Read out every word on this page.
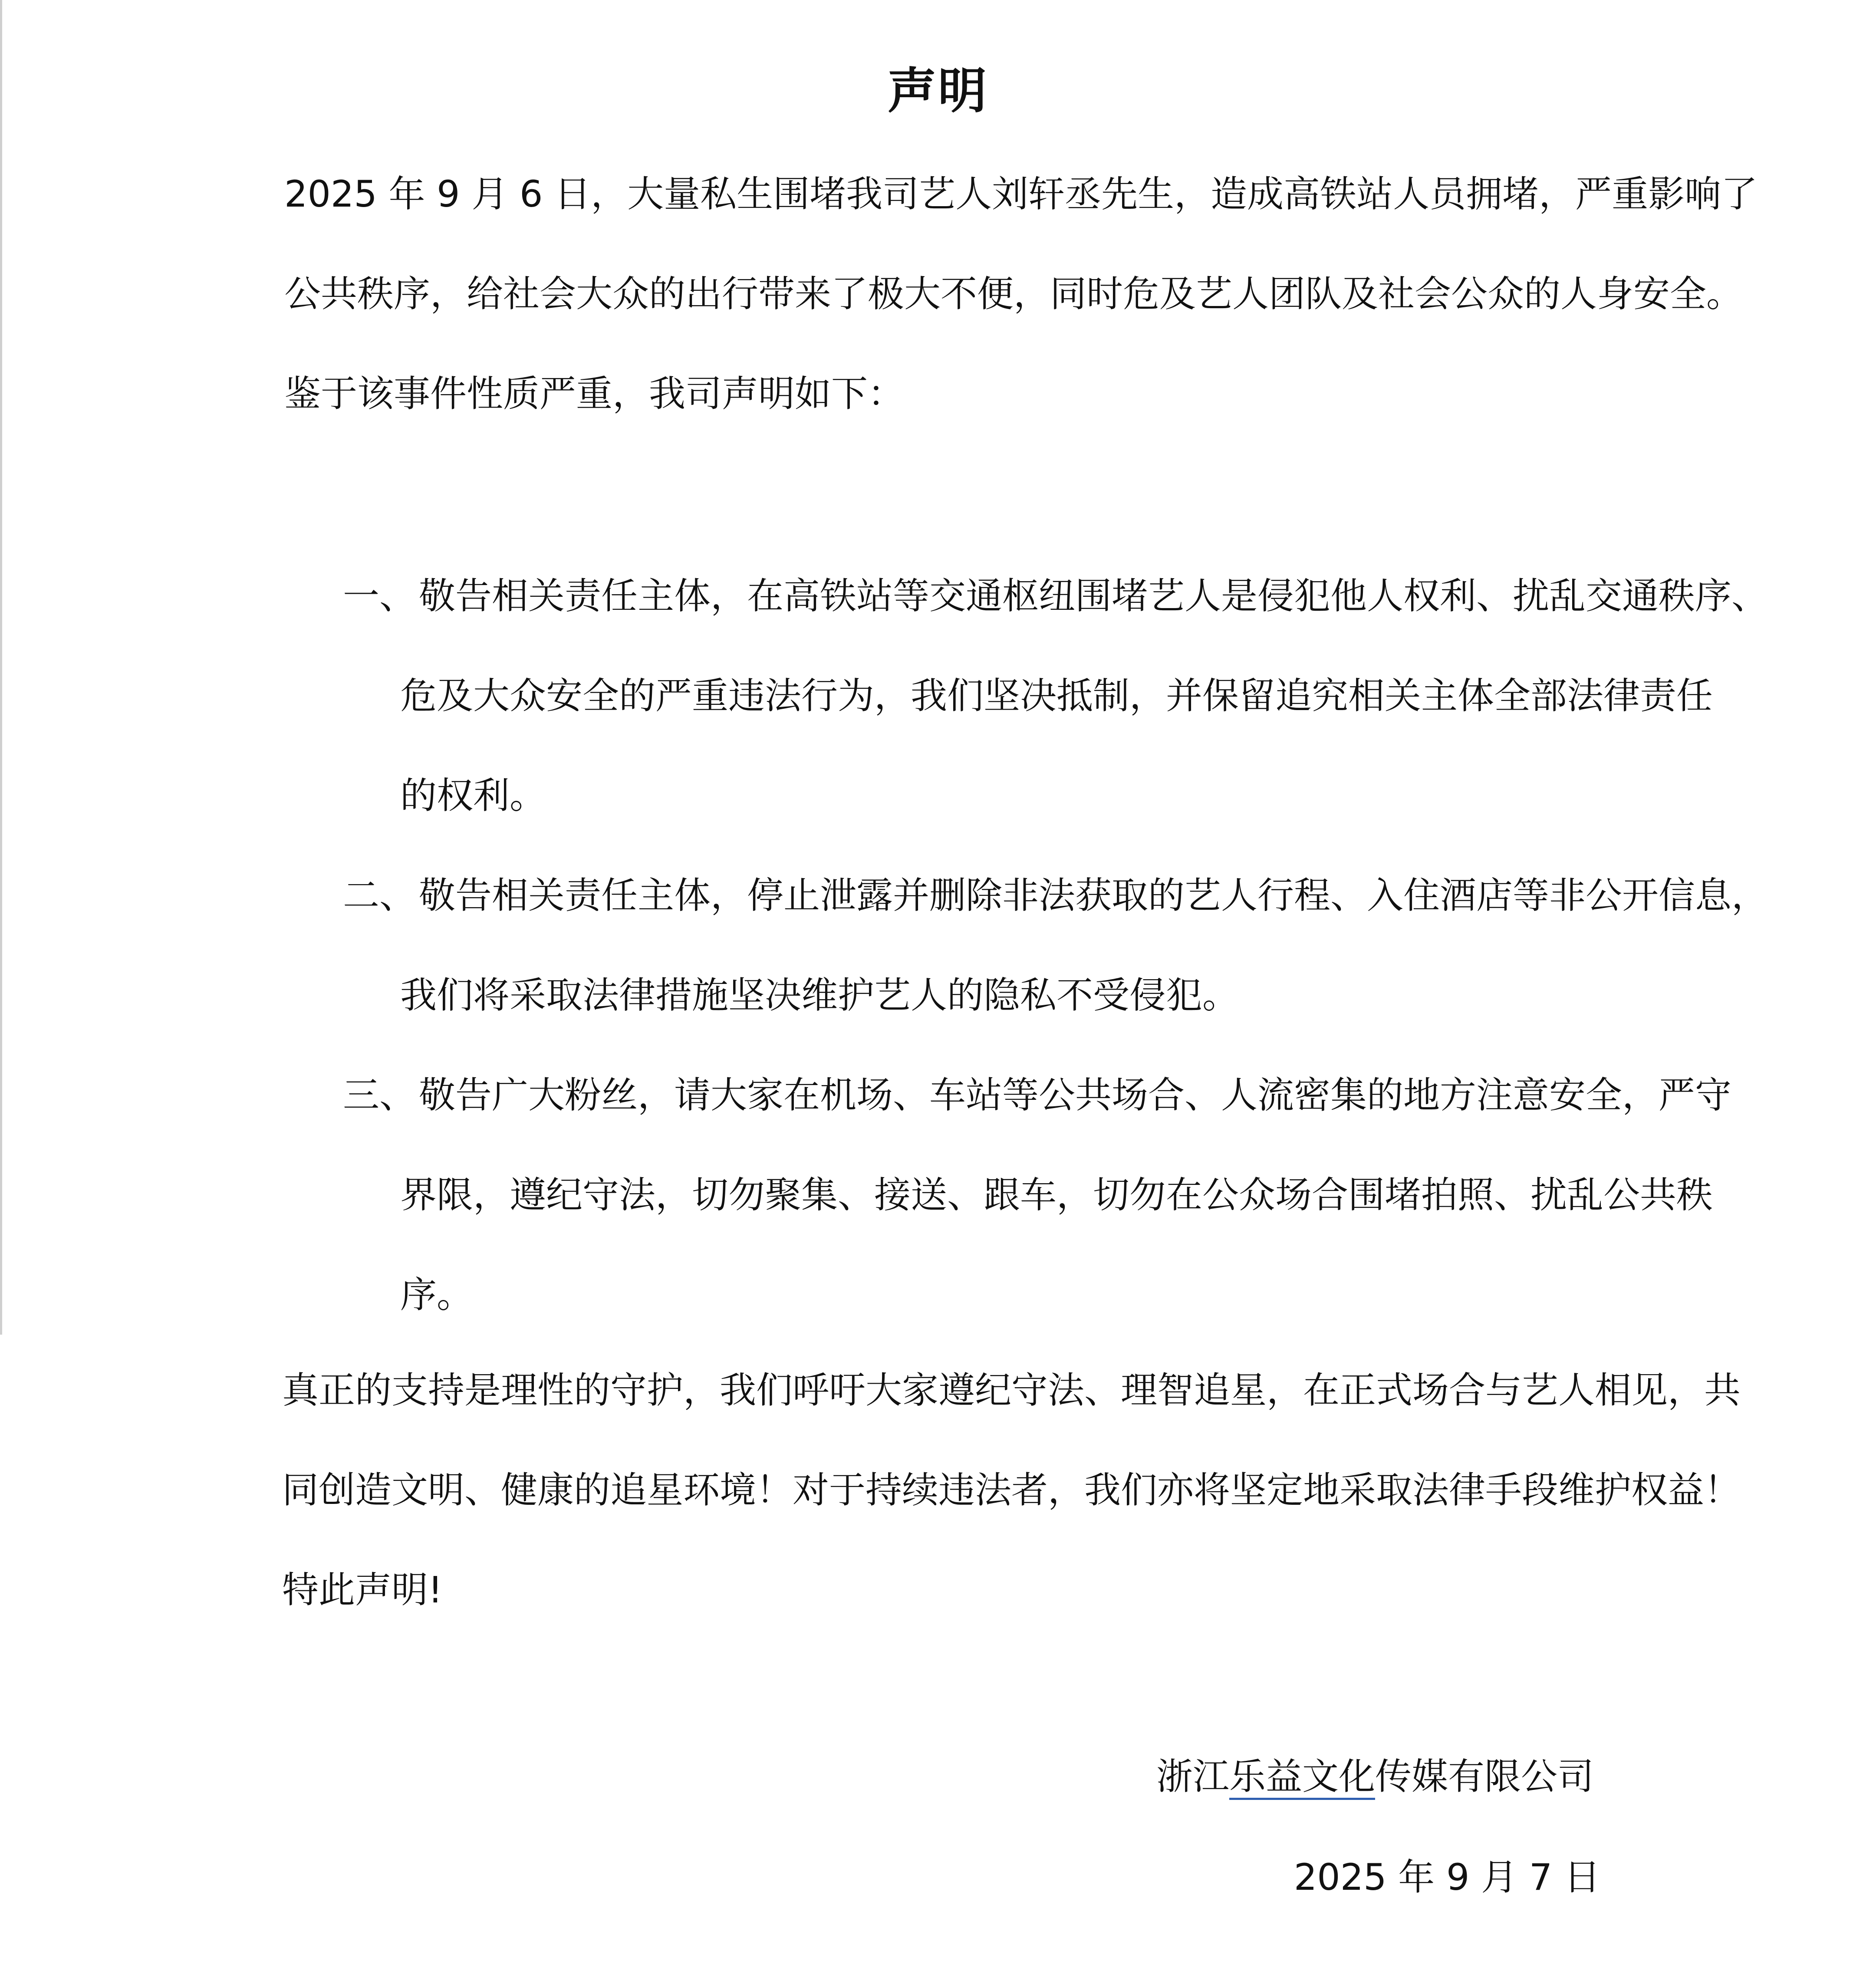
声明
2025 年 9 月 6 日，大量私生围堵我司艺人刘轩丞先生，造成高铁站人员拥堵，严重影响了
公共秩序，给社会大众的出行带来了极大不便，同时危及艺人团队及社会公众的人身安全。
鉴于该事件性质严重，我司声明如下：
一、 敬告相关责任主体，在高铁站等交通枢纽围堵艺人是侵犯他人权利、扰乱交通秩序、
危及大众安全的严重违法行为，我们坚决抵制，并保留追究相关主体全部法律责任
的权利。
二、 敬告相关责任主体，停止泄露并删除非法获取的艺人行程、入住酒店等非公开信息，
我们将采取法律措施坚决维护艺人的隐私不受侵犯。
三、 敬告广大粉丝，请大家在机场、车站等公共场合、人流密集的地方注意安全，严守
界限，遵纪守法，切勿聚集、接送、跟车，切勿在公众场合围堵拍照、扰乱公共秩
序。
真正的支持是理性的守护，我们呼吁大家遵纪守法、理智追星，在正式场合与艺人相见，共
同创造文明、健康的追星环境！对于持续违法者，我们亦将坚定地采取法律手段维护权益！
特此声明!
浙江乐益文化传媒有限公司
2025 年 9 月 7 日
